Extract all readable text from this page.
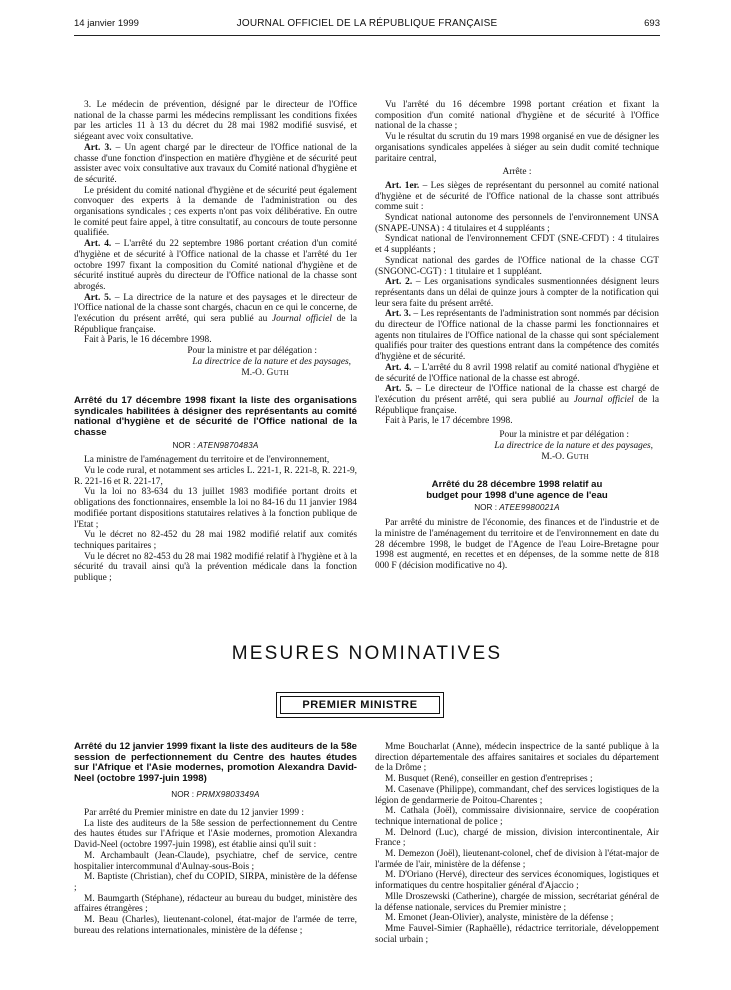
14 janvier 1999	JOURNAL OFFICIEL DE LA RÉPUBLIQUE FRANÇAISE	693

3. Le médecin de prévention, désigné par le directeur de l'Office national de la chasse parmi les médecins remplissant les conditions fixées par les articles 11 à 13 du décret du 28 mai 1982 modifié susvisé, et siégeant avec voix consultative.

Art. 3. – Un agent chargé par le directeur de l'Office national de la chasse d'une fonction d'inspection en matière d'hygiène et de sécurité peut assister avec voix consultative aux travaux du Comité national d'hygiène et de sécurité.

Le président du comité national d'hygiène et de sécurité peut également convoquer des experts à la demande de l'administration ou des organisations syndicales ; ces experts n'ont pas voix délibérative. En outre le comité peut faire appel, à titre consultatif, au concours de toute personne qualifiée.

Art. 4. – L'arrêté du 22 septembre 1986 portant création d'un comité d'hygiène et de sécurité à l'Office national de la chasse et l'arrêté du 1er octobre 1997 fixant la composition du Comité national d'hygiène et de sécurité institué auprès du directeur de l'Office national de la chasse sont abrogés.

Art. 5. – La directrice de la nature et des paysages et le directeur de l'Office national de la chasse sont chargés, chacun en ce qui le concerne, de l'exécution du présent arrêté, qui sera publié au Journal officiel de la République française.

Fait à Paris, le 16 décembre 1998.

Pour la ministre et par délégation :

La directrice de la nature et des paysages,

M.-O. Guth

Arrêté du 17 décembre 1998 fixant la liste des organisations syndicales habilitées à désigner des représentants au comité national d'hygiène et de sécurité de l'Office national de la chasse

NOR : ATEN9870483A

La ministre de l'aménagement du territoire et de l'environnement,

Vu le code rural, et notamment ses articles L. 221-1, R. 221-8, R. 221-9, R. 221-16 et R. 221-17,

Vu la loi no 83-634 du 13 juillet 1983 modifiée portant droits et obligations des fonctionnaires, ensemble la loi no 84-16 du 11 janvier 1984 modifiée portant dispositions statutaires relatives à la fonction publique de l'Etat ;

Vu le décret no 82-452 du 28 mai 1982 modifié relatif aux comités techniques paritaires ;

Vu le décret no 82-453 du 28 mai 1982 modifié relatif à l'hygiène et à la sécurité du travail ainsi qu'à la prévention médicale dans la fonction publique ;

Vu l'arrêté du 16 décembre 1998 portant création et fixant la composition d'un comité national d'hygiène et de sécurité à l'Office national de la chasse ;

Vu le résultat du scrutin du 19 mars 1998 organisé en vue de désigner les organisations syndicales appelées à siéger au sein dudit comité technique paritaire central,

Arrête :

Art. 1er. – Les sièges de représentant du personnel au comité national d'hygiène et de sécurité de l'Office national de la chasse sont attribués comme suit :

Syndicat national autonome des personnels de l'environnement UNSA (SNAPE-UNSA) : 4 titulaires et 4 suppléants ;

Syndicat national de l'environnement CFDT (SNE-CFDT) : 4 titulaires et 4 suppléants ;

Syndicat national des gardes de l'Office national de la chasse CGT (SNGONC-CGT) : 1 titulaire et 1 suppléant.

Art. 2. – Les organisations syndicales susmentionnées désignent leurs représentants dans un délai de quinze jours à compter de la notification qui leur sera faite du présent arrêté.

Art. 3. – Les représentants de l'administration sont nommés par décision du directeur de l'Office national de la chasse parmi les fonctionnaires et agents non titulaires de l'Office national de la chasse qui sont spécialement qualifiés pour traiter des questions entrant dans la compétence des comités d'hygiène et de sécurité.

Art. 4. – L'arrêté du 8 avril 1998 relatif au comité national d'hygiène et de sécurité de l'Office national de la chasse est abrogé.

Art. 5. – Le directeur de l'Office national de la chasse est chargé de l'exécution du présent arrêté, qui sera publié au Journal officiel de la République française.

Fait à Paris, le 17 décembre 1998.

Pour la ministre et par délégation :

La directrice de la nature et des paysages,

M.-O. Guth

Arrêté du 28 décembre 1998 relatif au budget pour 1998 d'une agence de l'eau

NOR : ATEE9980021A

Par arrêté du ministre de l'économie, des finances et de l'industrie et de la ministre de l'aménagement du territoire et de l'environnement en date du 28 décembre 1998, le budget de l'Agence de l'eau Loire-Bretagne pour 1998 est augmenté, en recettes et en dépenses, de la somme nette de 818 000 F (décision modificative no 4).

MESURES NOMINATIVES
PREMIER MINISTRE

Arrêté du 12 janvier 1999 fixant la liste des auditeurs de la 58e session de perfectionnement du Centre des hautes études sur l'Afrique et l'Asie modernes, promotion Alexandra David-Neel (octobre 1997-juin 1998)

NOR : PRMX9803349A

Par arrêté du Premier ministre en date du 12 janvier 1999 :

La liste des auditeurs de la 58e session de perfectionnement du Centre des hautes études sur l'Afrique et l'Asie modernes, promotion Alexandra David-Neel (octobre 1997-juin 1998), est établie ainsi qu'il suit :

M. Archambault (Jean-Claude), psychiatre, chef de service, centre hospitalier intercommunal d'Aulnay-sous-Bois ;

M. Baptiste (Christian), chef du COPID, SIRPA, ministère de la défense ;

M. Baumgarth (Stéphane), rédacteur au bureau du budget, ministère des affaires étrangères ;

M. Beau (Charles), lieutenant-colonel, état-major de l'armée de terre, bureau des relations internationales, ministère de la défense ;

Mme Boucharlat (Anne), médecin inspectrice de la santé publique à la direction départementale des affaires sanitaires et sociales du département de la Drôme ;

M. Busquet (René), conseiller en gestion d'entreprises ;

M. Casenave (Philippe), commandant, chef des services logistiques de la légion de gendarmerie de Poitou-Charentes ;

M. Cathala (Joël), commissaire divisionnaire, service de coopération technique international de police ;

M. Delnord (Luc), chargé de mission, division intercontinentale, Air France ;

M. Demezon (Joël), lieutenant-colonel, chef de division à l'état-major de l'armée de l'air, ministère de la défense ;

M. D'Oriano (Hervé), directeur des services économiques, logistiques et informatiques du centre hospitalier général d'Ajaccio ;

Mlle Droszewski (Catherine), chargée de mission, secrétariat général de la défense nationale, services du Premier ministre ;

M. Emonet (Jean-Olivier), analyste, ministère de la défense ;

Mme Fauvel-Simier (Raphaëlle), rédactrice territoriale, développement social urbain ;
